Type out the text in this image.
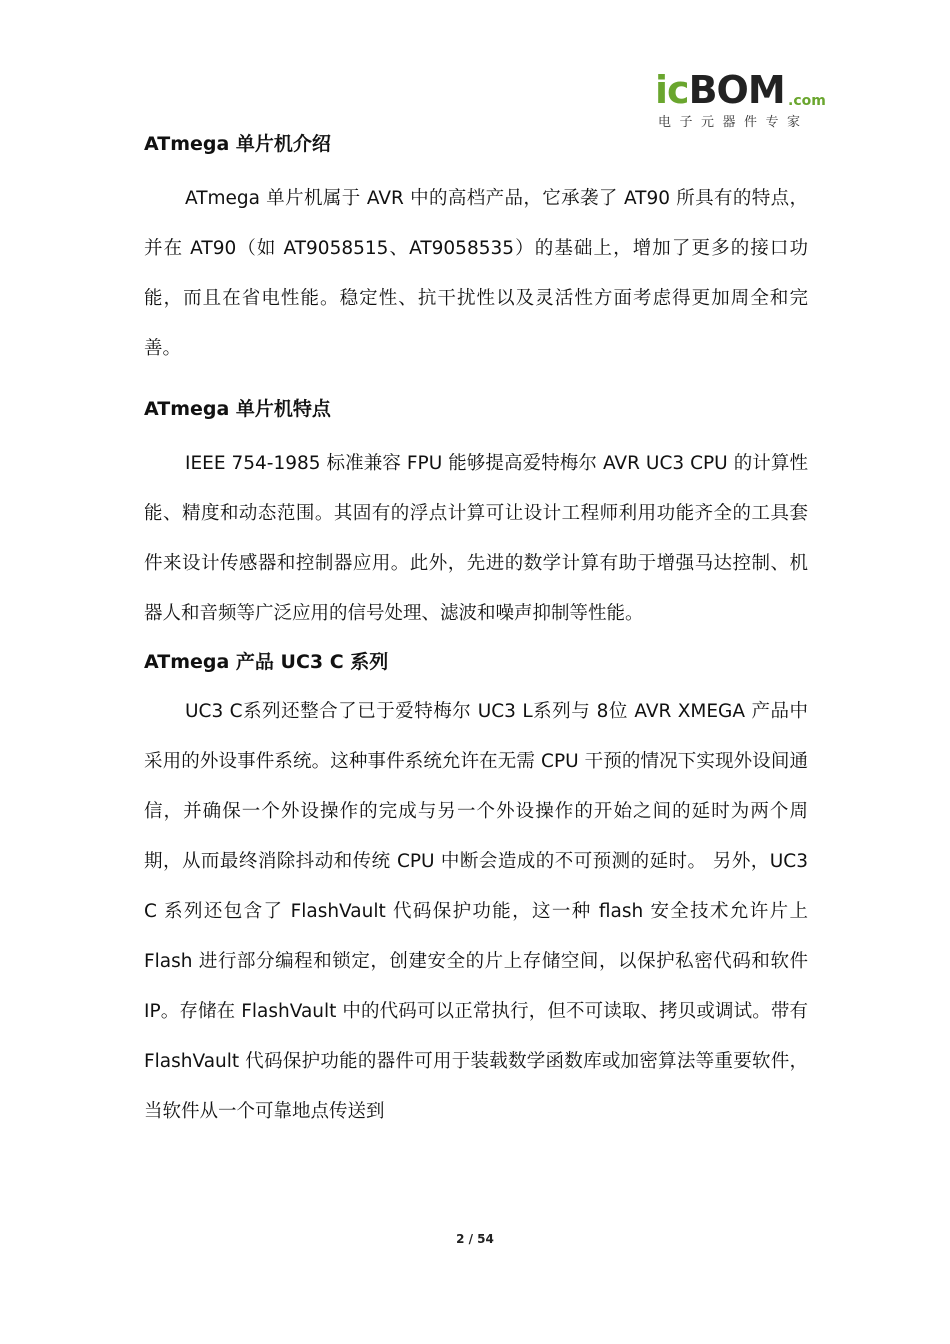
icBOM .com
电子元器件专家
ATmega 单片机介绍

ATmega 单片机属于 AVR 中的高档产品，它承袭了 AT90 所具有的特点，并在 AT90（如 AT9058515、AT9058535）的基础上，增加了更多的接口功能，而且在省电性能。稳定性、抗干扰性以及灵活性方面考虑得更加周全和完善。

ATmega 单片机特点

IEEE 754-1985 标准兼容 FPU 能够提高爱特梅尔 AVR UC3 CPU 的计算性能、精度和动态范围。其固有的浮点计算可让设计工程师利用功能齐全的工具套件来设计传感器和控制器应用。此外，先进的数学计算有助于增强马达控制、机器人和音频等广泛应用的信号处理、滤波和噪声抑制等性能。

ATmega 产品 UC3 C 系列

UC3 C系列还整合了已于爱特梅尔 UC3 L系列与 8位 AVR XMEGA 产品中采用的外设事件系统。这种事件系统允许在无需 CPU 干预的情况下实现外设间通信，并确保一个外设操作的完成与另一个外设操作的开始之间的延时为两个周期，从而最终消除抖动和传统 CPU 中断会造成的不可预测的延时。 另外，UC3 C 系列还包含了 FlashVault 代码保护功能，这一种 flash 安全技术允许片上 Flash 进行部分编程和锁定，创建安全的片上存储空间，以保护私密代码和软件 IP。存储在 FlashVault 中的代码可以正常执行，但不可读取、拷贝或调试。带有 FlashVault 代码保护功能的器件可用于装载数学函数库或加密算法等重要软件，当软件从一个可靠地点传送到

2 / 54
